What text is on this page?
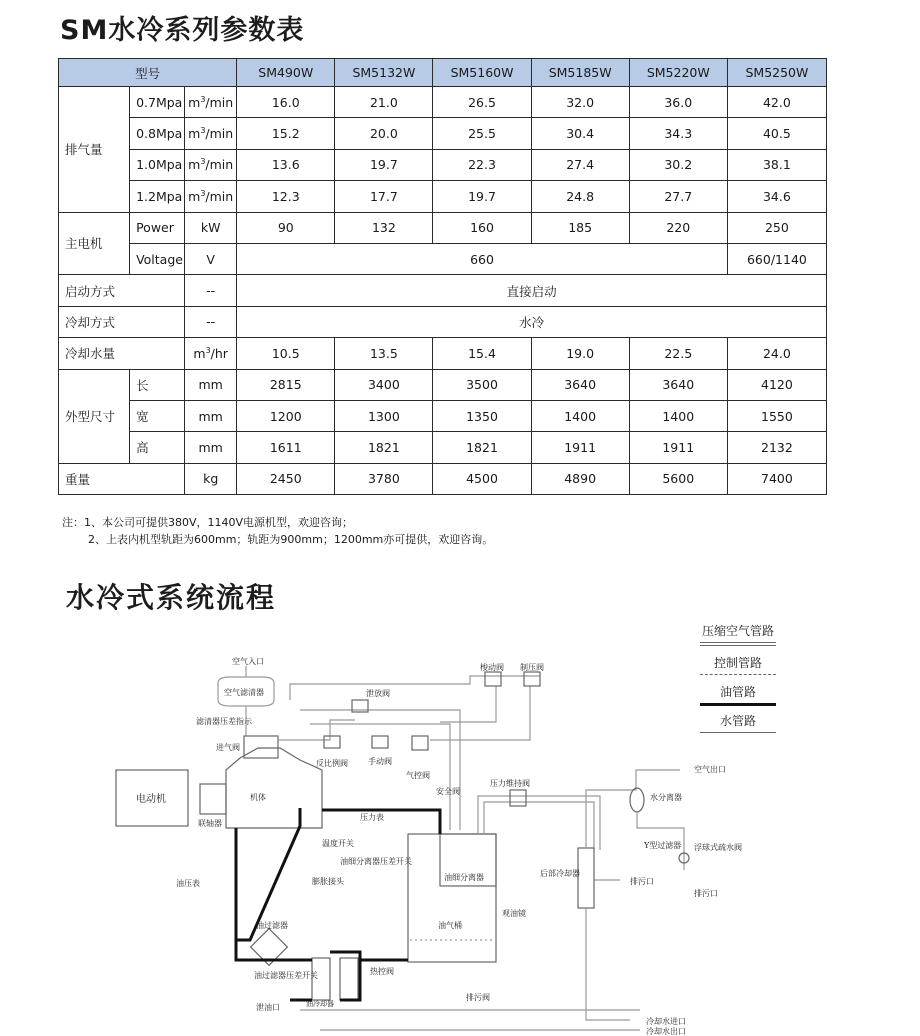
SM水冷系列参数表
型号			SM490W	SM5132W	SM5160W	SM5185W	SM5220W	SM5250W
排气量	0.7Mpa	$m^3/\min$	16.0	21.0	26.5	32.0	36.0	42.0
	0.8Mpa	$m^3/\min$	15.2	20.0	25.5	30.4	34.3	40.5
	1.0Mpa	$m^3/\min$	13.6	19.7	22.3	27.4	30.2	38.1
	1.2Mpa	$m^3/\min$	12.3	17.7	19.7	24.8	27.7	34.6
主电机	Power	kW	90	132	160	185	220	250
	Voltage	V	660					660/1140
启动方式		--	直接启动					
冷却方式		--	水冷					
冷却水量		$m^3/hr$	10.5	13.5	15.4	19.0	22.5	24.0
外型尺寸	长	mm	2815	3400	3500	3640	3640	4120
	宽	mm	1200	1300	1350	1400	1400	1550
	高	mm	1611	1821	1821	1911	1911	2132
重量		kg	2450	3780	4500	4890	5600	7400
注：1、本公司可提供380V，1140V电源机型，欢迎咨询；
2、上表内机型轨距为600mm；轨距为900mm；1200mm亦可提供，欢迎咨询。
水冷式系统流程
压缩空气管路
控制管路
油管路
水管路
空气入口
空气滤清器
滤清器压差指示
进气阀
电动机
联轴器
机体
反比例阀	手动阀
气控阀
泄放阀
梭动阀 制压阀
安全阀
压力表
温度开关
油细分离器压差开关
膨胀接头	油细分离器
观油镜
油气桶
压力维持阀
后部冷却器
排污口
水分离器
Y型过滤器 浮球式疏水阀
排污口
空气出口
油压表
油过滤器
油过滤器压差开关
油冷却器
热控阀
排污阀
泄油口
冷却水进口
冷却水出口
